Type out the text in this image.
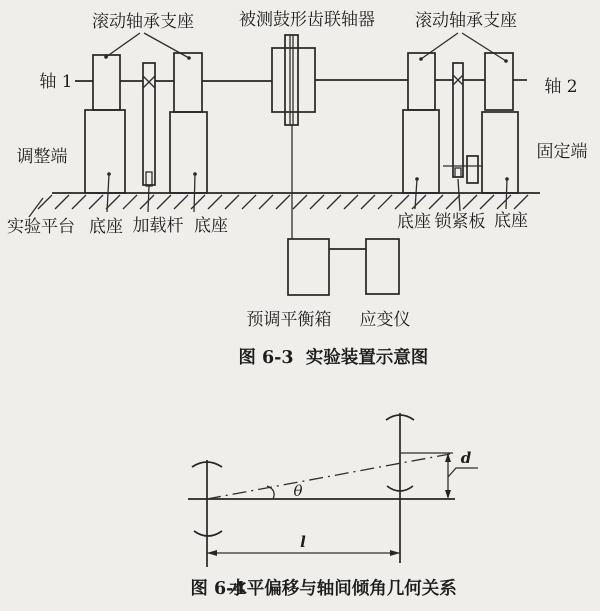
滚动轴承支座	被测鼓形齿联轴器 滚动轴承支座
轴 1	轴 2
调整端	固定端
实验平台 底座 加载杆 底座	底座 锁紧板 底座
预调平衡箱 应变仪
图 6-3 实验装置示意图
θ
d
l
图 6-4
水平偏移与轴间倾角几何关系
